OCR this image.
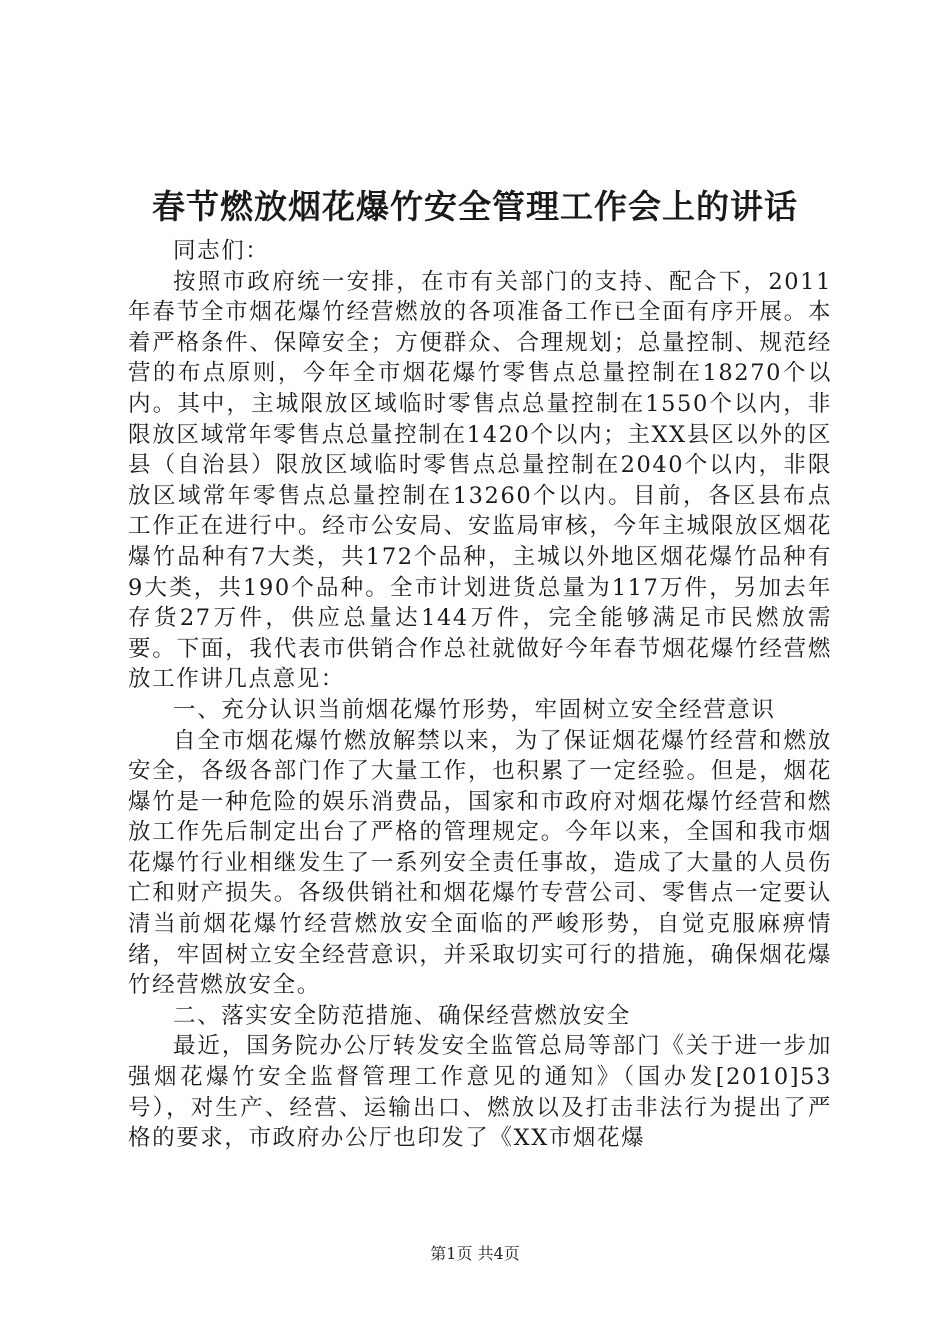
春节燃放烟花爆竹安全管理工作会上的讲话

同志们：

按照市政府统一安排，在市有关部门的支持、配合下，2011年春节全市烟花爆竹经营燃放的各项准备工作已全面有序开展。本着严格条件、保障安全；方便群众、合理规划；总量控制、规范经营的布点原则，今年全市烟花爆竹零售点总量控制在18270个以内。其中，主城限放区域临时零售点总量控制在1550个以内，非限放区域常年零售点总量控制在1420个以内；主XX县区以外的区县（自治县）限放区域临时零售点总量控制在2040个以内，非限放区域常年零售点总量控制在13260个以内。目前，各区县布点工作正在进行中。经市公安局、安监局审核，今年主城限放区烟花爆竹品种有7大类，共172个品种，主城以外地区烟花爆竹品种有9大类，共190个品种。全市计划进货总量为117万件，另加去年存货27万件，供应总量达144万件，完全能够满足市民燃放需要。下面，我代表市供销合作总社就做好今年春节烟花爆竹经营燃放工作讲几点意见：

一、充分认识当前烟花爆竹形势，牢固树立安全经营意识

自全市烟花爆竹燃放解禁以来，为了保证烟花爆竹经营和燃放安全，各级各部门作了大量工作，也积累了一定经验。但是，烟花爆竹是一种危险的娱乐消费品，国家和市政府对烟花爆竹经营和燃放工作先后制定出台了严格的管理规定。今年以来，全国和我市烟花爆竹行业相继发生了一系列安全责任事故，造成了大量的人员伤亡和财产损失。各级供销社和烟花爆竹专营公司、零售点一定要认清当前烟花爆竹经营燃放安全面临的严峻形势，自觉克服麻痹情绪，牢固树立安全经营意识，并采取切实可行的措施，确保烟花爆竹经营燃放安全。

二、落实安全防范措施、确保经营燃放安全

最近，国务院办公厅转发安全监管总局等部门《关于进一步加强烟花爆竹安全监督管理工作意见的通知》（国办发[2010]53号），对生产、经营、运输出口、燃放以及打击非法行为提出了严格的要求，市政府办公厅也印发了《XX市烟花爆

第1页 共4页
